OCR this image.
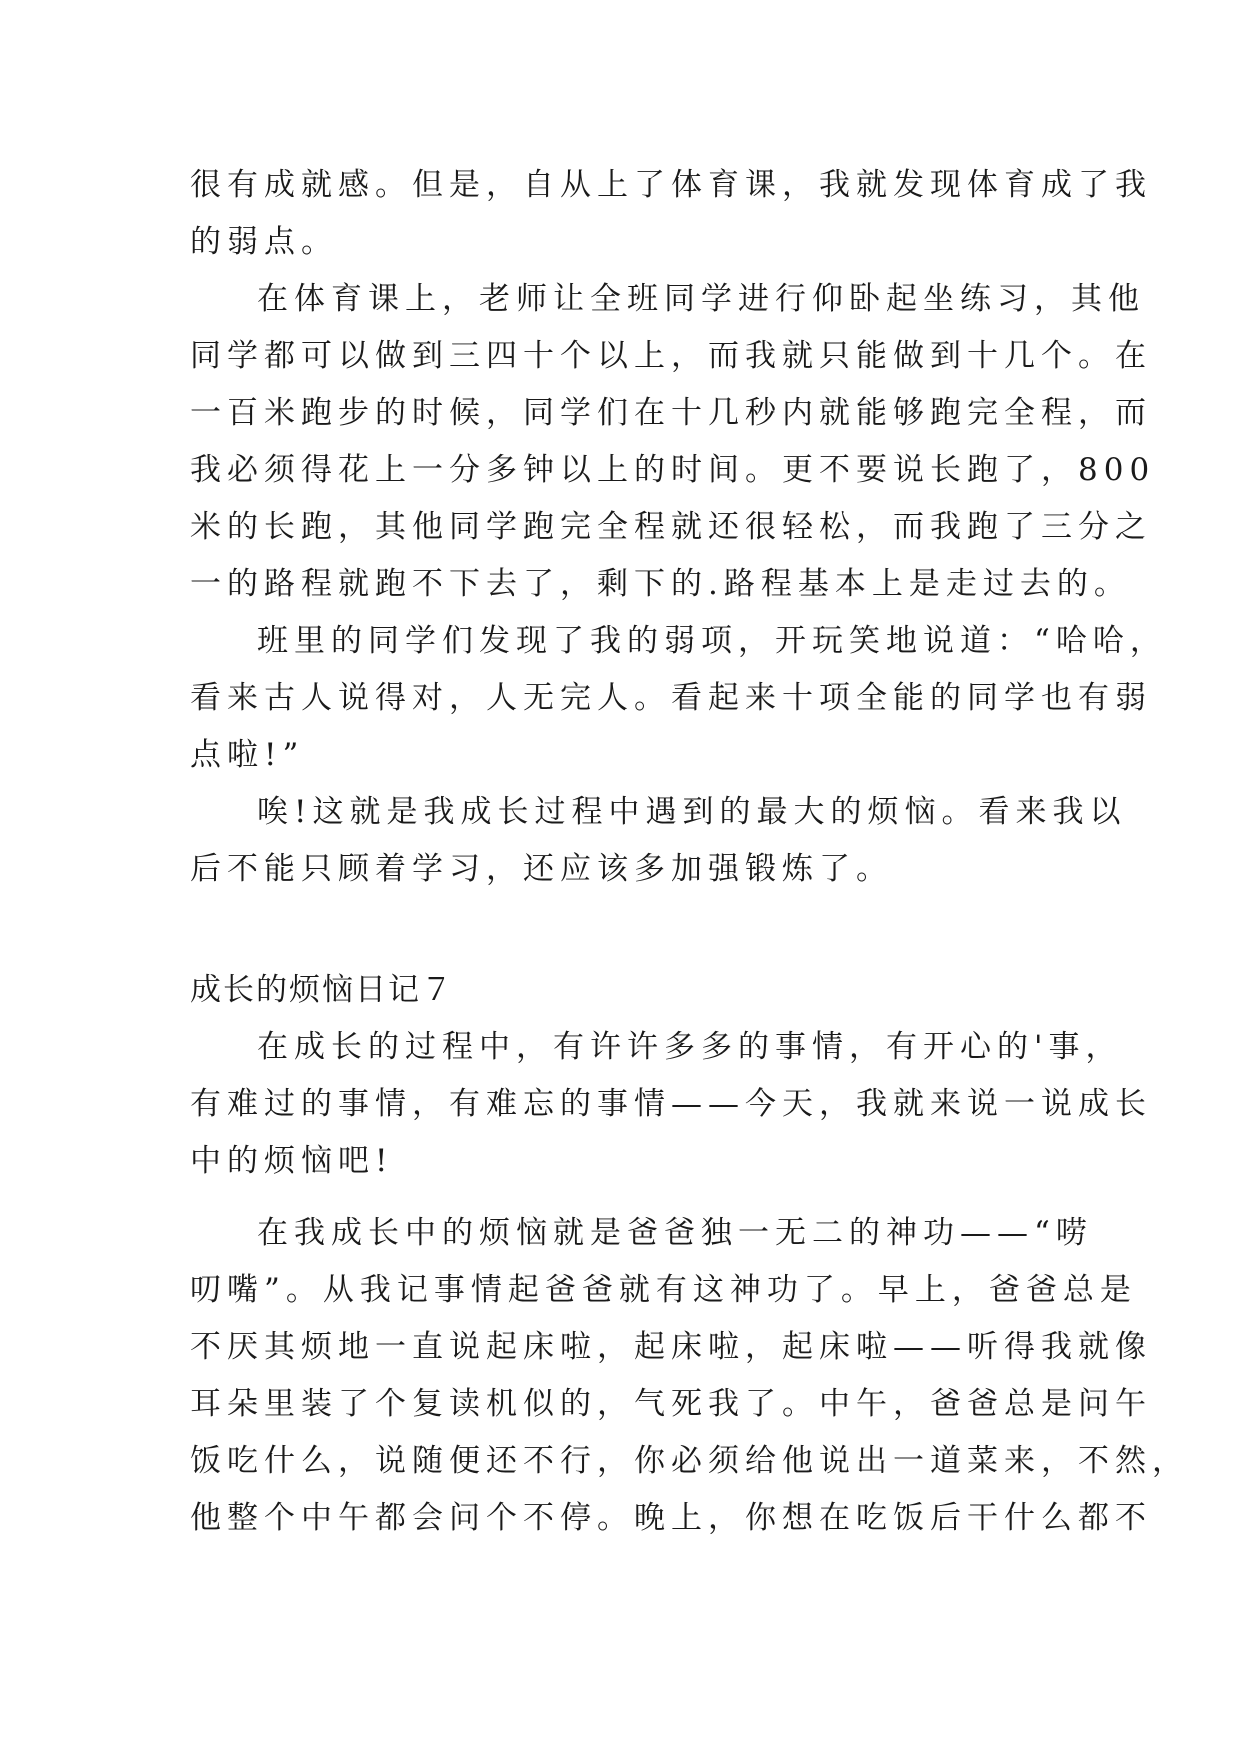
很有成就感。但是，自从上了体育课，我就发现体育成了我
的弱点。
在体育课上，老师让全班同学进行仰卧起坐练习，其他
同学都可以做到三四十个以上，而我就只能做到十几个。在
一百米跑步的时候，同学们在十几秒内就能够跑完全程，而
我必须得花上一分多钟以上的时间。更不要说长跑了，800
米的长跑，其他同学跑完全程就还很轻松，而我跑了三分之
一的路程就跑不下去了，剩下的.路程基本上是走过去的。
班里的同学们发现了我的弱项，开玩笑地说道：“哈哈，
看来古人说得对，人无完人。看起来十项全能的同学也有弱
点啦!”
唉!这就是我成长过程中遇到的最大的烦恼。看来我以
后不能只顾着学习，还应该多加强锻炼了。
成长的烦恼日记７
在成长的过程中，有许许多多的事情，有开心的'事，
有难过的事情，有难忘的事情——今天，我就来说一说成长
中的烦恼吧!
在我成长中的烦恼就是爸爸独一无二的神功——“唠
叨嘴”。从我记事情起爸爸就有这神功了。早上，爸爸总是
不厌其烦地一直说起床啦，起床啦，起床啦——听得我就像
耳朵里装了个复读机似的，气死我了。中午，爸爸总是问午
饭吃什么，说随便还不行，你必须给他说出一道菜来，不然，
他整个中午都会问个不停。晚上，你想在吃饭后干什么都不
